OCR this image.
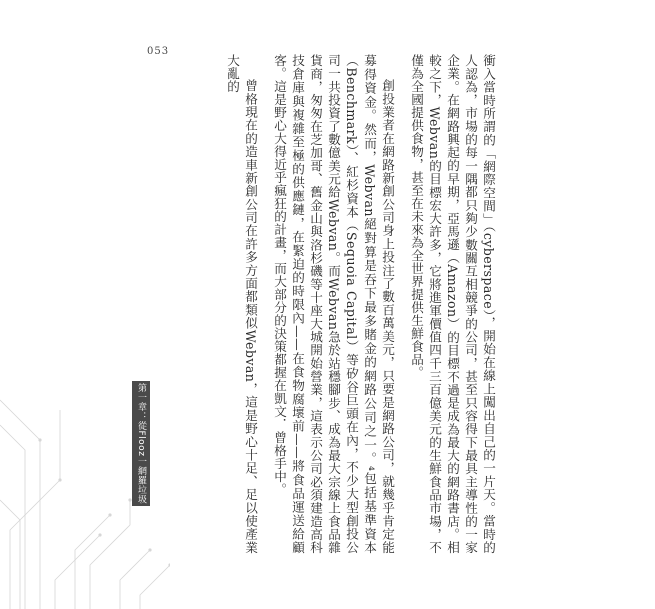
053

衝入當時所謂的「網際空間」（cyberspace），開始在線上闖出自己的一片天。當時的人認為，市場的每一隅都只夠少數關互相競爭的公司，甚至只容得下最具主導性的一家企業。在網路興起的早期，亞馬遜（Amazon）的目標不過是成為最大的網路書店。相較之下，Webvan的目標宏大許多，它將進軍價值四千三百億美元的生鮮食品市場，不僅為全國提供食物，甚至在未來為全世界提供生鮮食品。

創投業者在網路新創公司身上投注了數百萬美元，只要是網路公司，就幾乎肯定能募得資金。然而，Webvan絕對算是吞下最多賭金的網路公司之一。⁴包括基準資本（Benchmark）、紅杉資本（Sequoia Capital）等矽谷巨頭在內，不少大型創投公司一共投資了數億美元給Webvan。而Webvan急於站穩腳步、成為最大宗線上食品雜貨商，匆匆在芝加哥、舊金山與洛杉磯等十座大城開始營業，這表示公司必須建造高科技倉庫與複雜至極的供應鏈，在緊迫的時限內——在食物腐壞前——將食品運送給顧客。這是野心大得近乎瘋狂的計畫，而大部分的決策都握在凱文．曾格手中。

曾格現在的造車新創公司在許多方面都類似Webvan，這是野心十足、足以使產業大亂的

第一章：從Flooz一網羅垃圾
